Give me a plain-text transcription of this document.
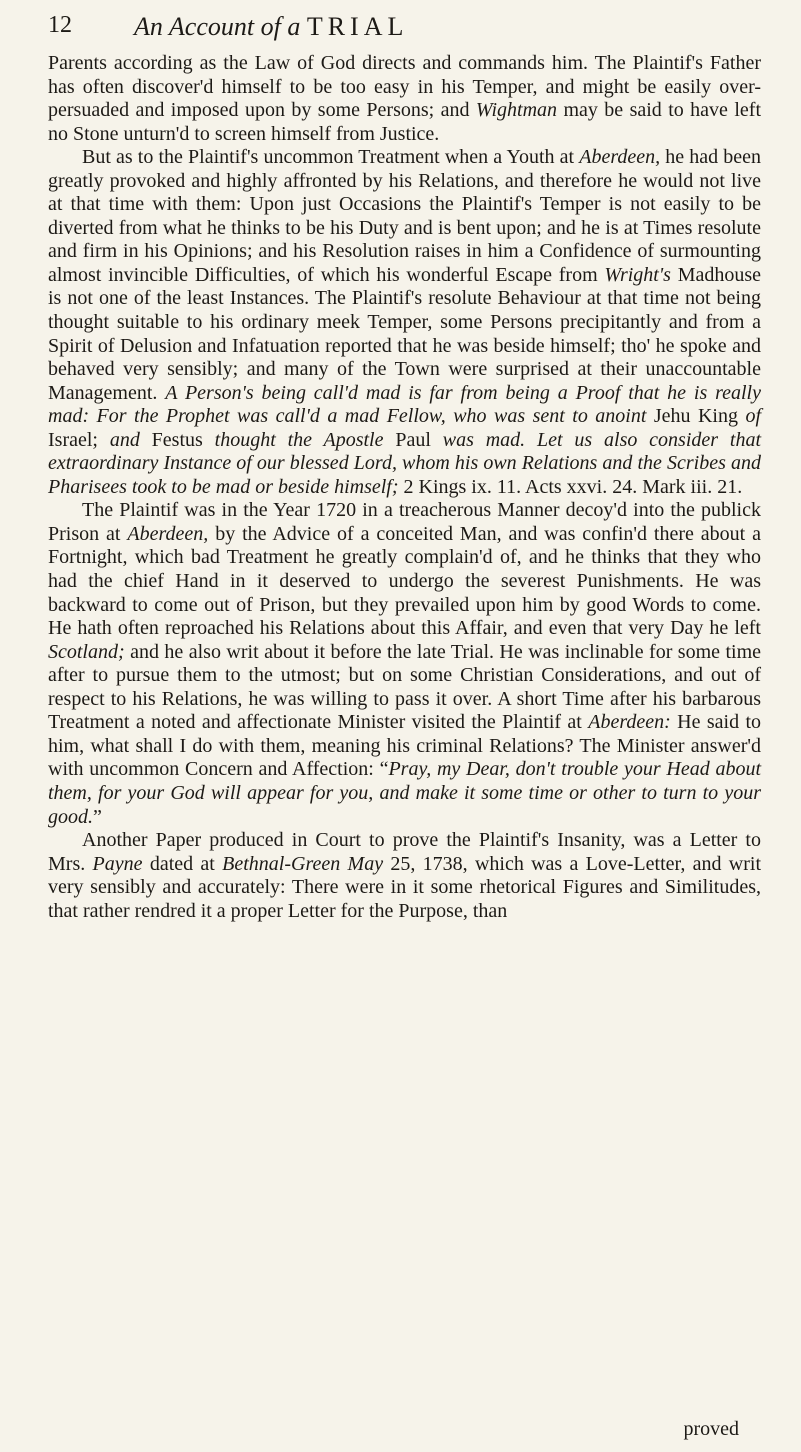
12 An Account of a TRIAL

Parents according as the Law of God directs and commands him. The Plaintif's Father has often discover'd himself to be too easy in his Temper, and might be easily over-persuaded and imposed upon by some Persons; and Wightman may be said to have left no Stone unturn'd to screen himself from Justice.

But as to the Plaintif's uncommon Treatment when a Youth at Aberdeen, he had been greatly provoked and highly affronted by his Relations, and therefore he would not live at that time with them: Upon just Occasions the Plaintif's Temper is not easily to be diverted from what he thinks to be his Duty and is bent upon; and he is at Times resolute and firm in his Opinions; and his Resolution raises in him a Confidence of surmounting almost invincible Difficulties, of which his wonderful Escape from Wright's Madhouse is not one of the least Instances. The Plaintif's resolute Behaviour at that time not being thought suitable to his ordinary meek Temper, some Persons precipitantly and from a Spirit of Delusion and Infatuation reported that he was beside himself; tho' he spoke and behaved very sensibly; and many of the Town were surprised at their unaccountable Management. A Person's being call'd mad is far from being a Proof that he is really mad: For the Prophet was call'd a mad Fellow, who was sent to anoint Jehu King of Israel; and Festus thought the Apostle Paul was mad. Let us also consider that extraordinary Instance of our blessed Lord, whom his own Relations and the Scribes and Pharisees took to be mad or beside himself; 2 Kings ix. 11. Acts xxvi. 24. Mark iii. 21.

The Plaintif was in the Year 1720 in a treacherous Manner decoy'd into the publick Prison at Aberdeen, by the Advice of a conceited Man, and was confin'd there about a Fortnight, which bad Treatment he greatly complain'd of, and he thinks that they who had the chief Hand in it deserved to undergo the severest Punishments. He was backward to come out of Prison, but they prevailed upon him by good Words to come. He hath often reproached his Relations about this Affair, and even that very Day he left Scotland; and he also writ about it before the late Trial. He was inclinable for some time after to pursue them to the utmost; but on some Christian Considerations, and out of respect to his Relations, he was willing to pass it over. A short Time after his barbarous Treatment a noted and affectionate Minister visited the Plaintif at Aberdeen: He said to him, what shall I do with them, meaning his criminal Relations? The Minister answer'd with uncommon Concern and Affection: “Pray, my Dear, don't trouble your Head about them, for your God will appear for you, and make it some time or other to turn to your good.”

Another Paper produced in Court to prove the Plaintif's Insanity, was a Letter to Mrs. Payne dated at Bethnal-Green May 25, 1738, which was a Love-Letter, and writ very sensibly and accurately: There were in it some rhetorical Figures and Similitudes, that rather rendred it a proper Letter for the Purpose, than

proved
